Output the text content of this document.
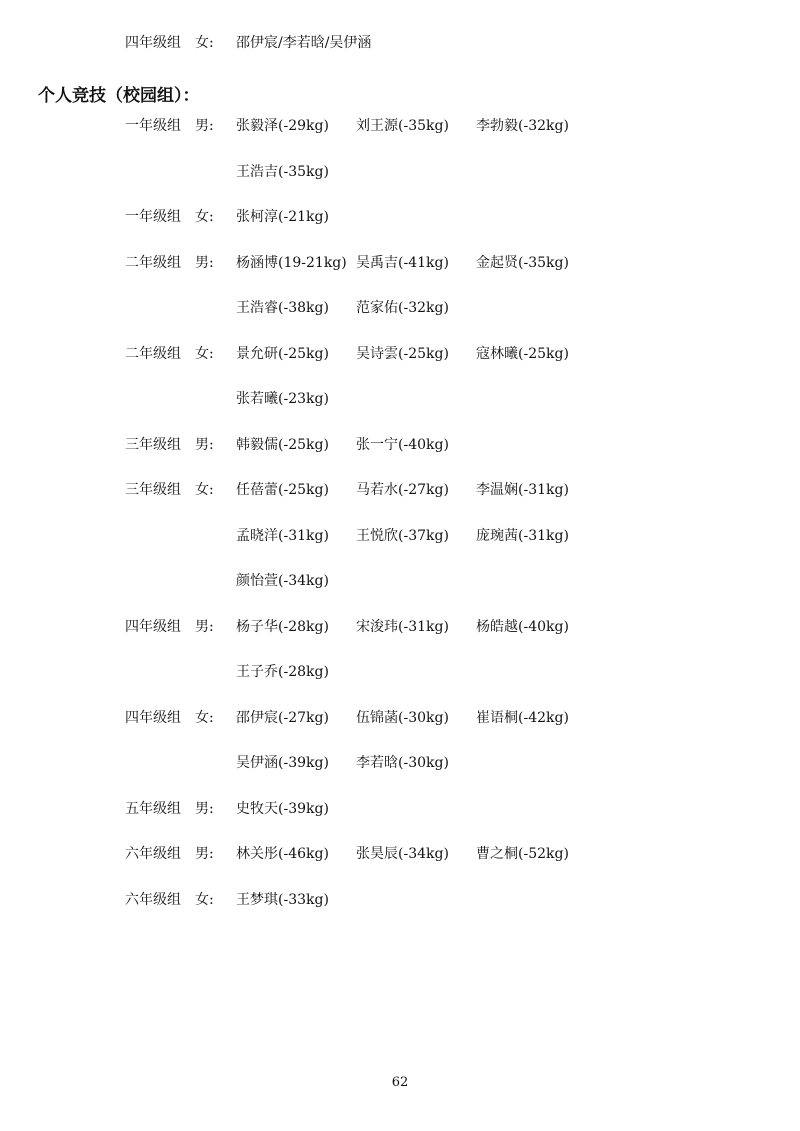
四年级组　女: 邵伊宸/李若晗/吴伊涵
个人竞技（校园组）：
一年级组　男: 张毅泽(-29kg) 刘王源(-35kg) 李勃毅(-32kg)
王浩吉(-35kg)
一年级组　女: 张柯淳(-21kg)
二年级组　男: 杨涵博(19-21kg) 吴禹吉(-41kg) 金起贤(-35kg)
王浩睿(-38kg) 范家佑(-32kg)
二年级组　女: 景允研(-25kg) 吴诗雲(-25kg) 寇林曦(-25kg)
张若曦(-23kg)
三年级组　男: 韩毅儒(-25kg) 张一宁(-40kg)
三年级组　女: 任蓓蕾(-25kg) 马若水(-27kg) 李温娴(-31kg)
孟晓洋(-31kg) 王悦欣(-37kg) 庞琬茜(-31kg)
颜怡萱(-34kg)
四年级组　男: 杨子华(-28kg) 宋浚玮(-31kg) 杨皓越(-40kg)
王子乔(-28kg)
四年级组　女: 邵伊宸(-27kg) 伍锦菡(-30kg) 崔语桐(-42kg)
吴伊涵(-39kg) 李若晗(-30kg)
五年级组　男: 史牧天(-39kg)
六年级组　男: 林关彤(-46kg) 张昊辰(-34kg) 曹之桐(-52kg)
六年级组　女: 王梦琪(-33kg)
62
